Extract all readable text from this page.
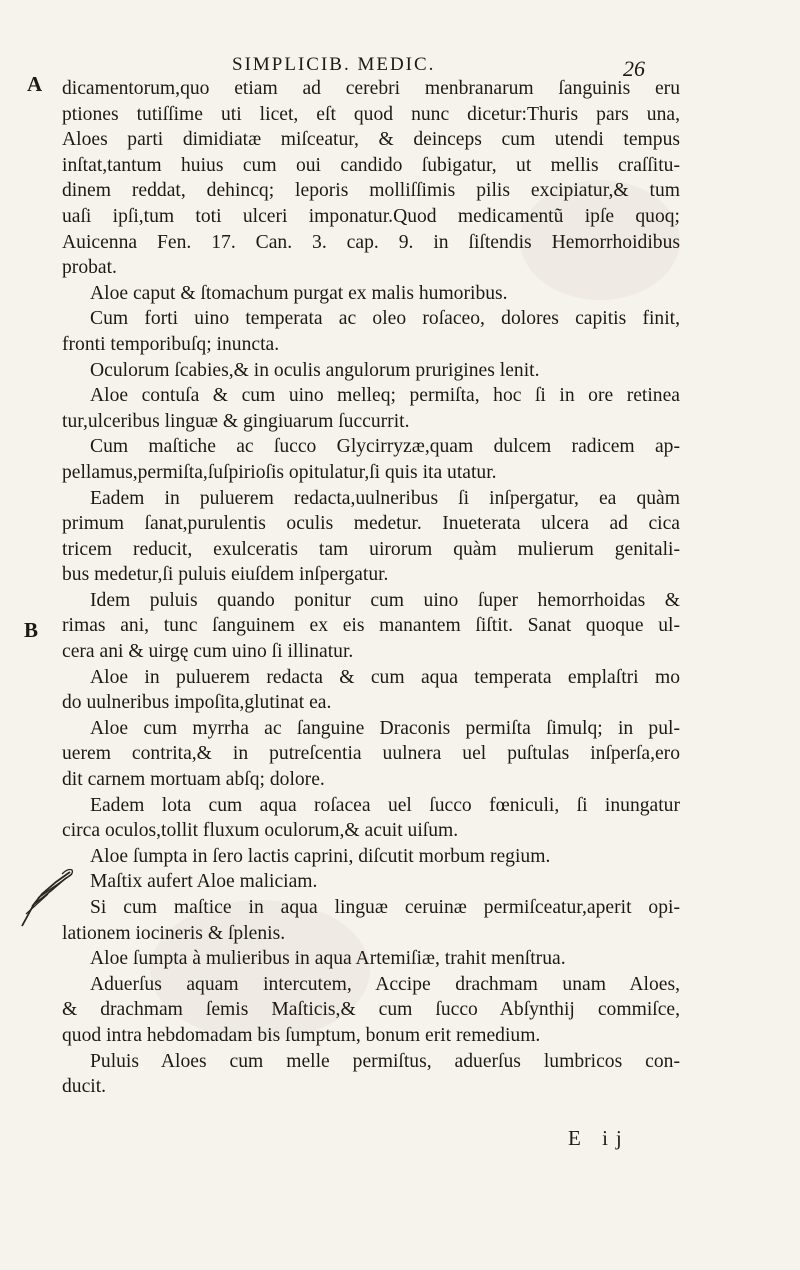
SIMPLICIB. MEDIC.	26
A
B
dicamentorum,quo etiam ad cerebri menbranarum ſanguinis eru
ptiones tutiſſime uti licet, eſt quod nunc dicetur:Thuris pars una,
Aloes parti dimidiatæ miſceatur, & deinceps cum utendi tempus
inſtat,tantum huius cum oui candido ſubigatur, ut mellis craſſitu-
dinem reddat, dehincq; leporis molliſſimis pilis excipiatur,& tum
uaſi ipſi,tum toti ulceri imponatur.Quod medicamentũ ipſe quoq;
Auicenna Fen. 17. Can. 3. cap. 9. in ſiſtendis Hemorrhoidibus
probat.
Aloe caput & ſtomachum purgat ex malis humoribus.
Cum forti uino temperata ac oleo roſaceo, dolores capitis finit,
fronti temporibuſq; inuncta.
Oculorum ſcabies,& in oculis angulorum prurigines lenit.
Aloe contuſa & cum uino melleq; permiſta, hoc ſi in ore retinea
tur,ulceribus linguæ & gingiuarum ſuccurrit.
Cum maſtiche ac ſucco Glycirryzæ,quam dulcem radicem ap-
pellamus,permiſta,ſuſpirioſis opitulatur,ſi quis ita utatur.
Eadem in puluerem redacta,uulneribus ſi inſpergatur, ea quàm
primum ſanat,purulentis oculis medetur. Inueterata ulcera ad cica
tricem reducit, exulceratis tam uirorum quàm mulierum genitali-
bus medetur,ſi puluis eiuſdem inſpergatur.
Idem puluis quando ponitur cum uino ſuper hemorrhoidas &
rimas ani, tunc ſanguinem ex eis manantem ſiſtit. Sanat quoque ul-
cera ani & uirgę cum uino ſi illinatur.
Aloe in puluerem redacta & cum aqua temperata emplaſtri mo
do uulneribus impoſita,glutinat ea.
Aloe cum myrrha ac ſanguine Draconis permiſta ſimulq; in pul-
uerem contrita,& in putreſcentia uulnera uel puſtulas inſperſa,ero
dit carnem mortuam abſq; dolore.
Eadem lota cum aqua roſacea uel ſucco fœniculi, ſi inungatur
circa oculos,tollit fluxum oculorum,& acuit uiſum.
Aloe ſumpta in ſero lactis caprini, diſcutit morbum regium.
Maſtix aufert Aloe maliciam.
Si cum maſtice in aqua linguæ ceruinæ permiſceatur,aperit opi-
lationem iocineris & ſplenis.
Aloe ſumpta à mulieribus in aqua Artemiſiæ, trahit menſtrua.
Aduerſus aquam intercutem, Accipe drachmam unam Aloes,
& drachmam ſemis Maſticis,& cum ſucco Abſynthij commiſce,
quod intra hebdomadam bis ſumptum, bonum erit remedium.
Puluis Aloes cum melle permiſtus, aduerſus lumbricos con-
ducit.
E ij
